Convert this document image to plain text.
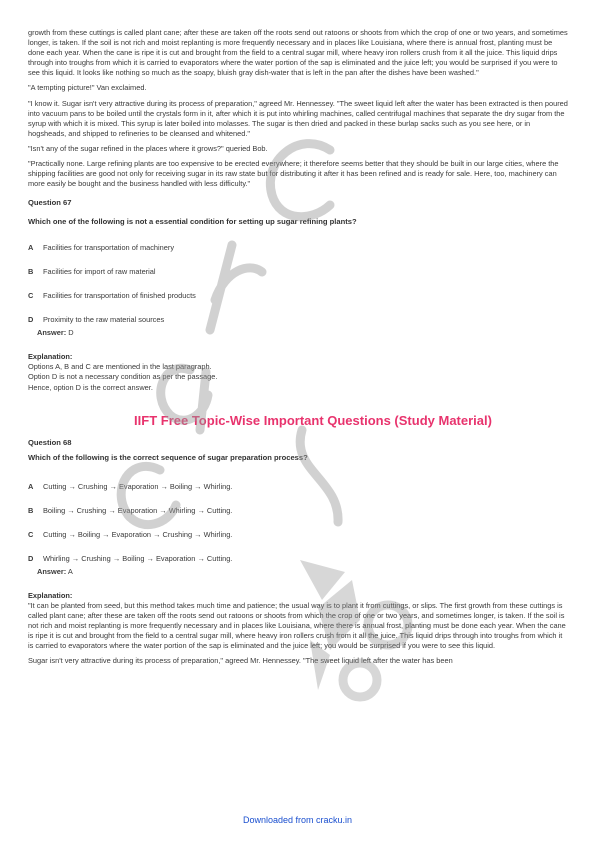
growth from these cuttings is called plant cane; after these are taken off the roots send out ratoons or shoots from which the crop of one or two years, and sometimes longer, is taken. If the soil is not rich and moist replanting is more frequently necessary and in places like Louisiana, where there is annual frost, planting must be done each year. When the cane is ripe it is cut and brought from the field to a central sugar mill, where heavy iron rollers crush from it all the juice. This liquid drips through into troughs from which it is carried to evaporators where the water portion of the sap is eliminated and the juice left; you would be surprised if you were to see this liquid. It looks like nothing so much as the soapy, bluish gray dish-water that is left in the pan after the dishes have been washed."

"A tempting picture!" Van exclaimed.

"I know it. Sugar isn't very attractive during its process of preparation," agreed Mr. Hennessey. "The sweet liquid left after the water has been extracted is then poured into vacuum pans to be boiled until the crystals form in it, after which it is put into whirling machines, called centrifugal machines that separate the dry sugar from the syrup with which it is mixed. This syrup is later boiled into molasses. The sugar is then dried and packed in these burlap sacks such as you see here, or in hogsheads, and shipped to refineries to be cleansed and whitened."

"Isn't any of the sugar refined in the places where it grows?" queried Bob.

"Practically none. Large refining plants are too expensive to be erected everywhere; it therefore seems better that they should be built in our large cities, where the shipping facilities are good not only for receiving sugar in its raw state but for distributing it after it has been refined and is ready for sale. Here, too, machinery can more easily be bought and the business handled with less difficulty."

Question 67
Which one of the following is not a essential condition for setting up sugar refining plants?
A Facilities for transportation of machinery
B Facilities for import of raw material
C Facilities for transportation of finished products
D Proximity to the raw material sources
Answer: D
Explanation:

Options A, B and C are mentioned in the last paragraph.

Option D is not a necessary condition as per the passage.

Hence, option D is the correct answer.

IIFT Free Topic-Wise Important Questions (Study Material)
Question 68
Which of the following is the correct sequence of sugar preparation process?
A Cutting → Crushing → Evaporation → Boiling → Whirling.
B Boiling → Crushing → Evaporation → Whirling → Cutting.
C Cutting → Boiling → Evaporation → Crushing → Whirling.
D Whirling → Crushing → Boiling → Evaporation → Cutting.
Answer: A
Explanation:

"It can be planted from seed, but this method takes much time and patience; the usual way is to plant it from cuttings, or slips. The first growth from these cuttings is called plant cane; after these are taken off the roots send out ratoons or shoots from which the crop of one or two years, and sometimes longer, is taken. If the soil is not rich and moist replanting is more frequently necessary and in places like Louisiana, where there is annual frost, planting must be done each year. When the cane is ripe it is cut and brought from the field to a central sugar mill, where heavy iron rollers crush from it all the juice. This liquid drips through into troughs from which it is carried to evaporators where the water portion of the sap is eliminated and the juice left; you would be surprised if you were to see this liquid.

Sugar isn't very attractive during its process of preparation," agreed Mr. Hennessey. "The sweet liquid left after the water has been

Downloaded from cracku.in
